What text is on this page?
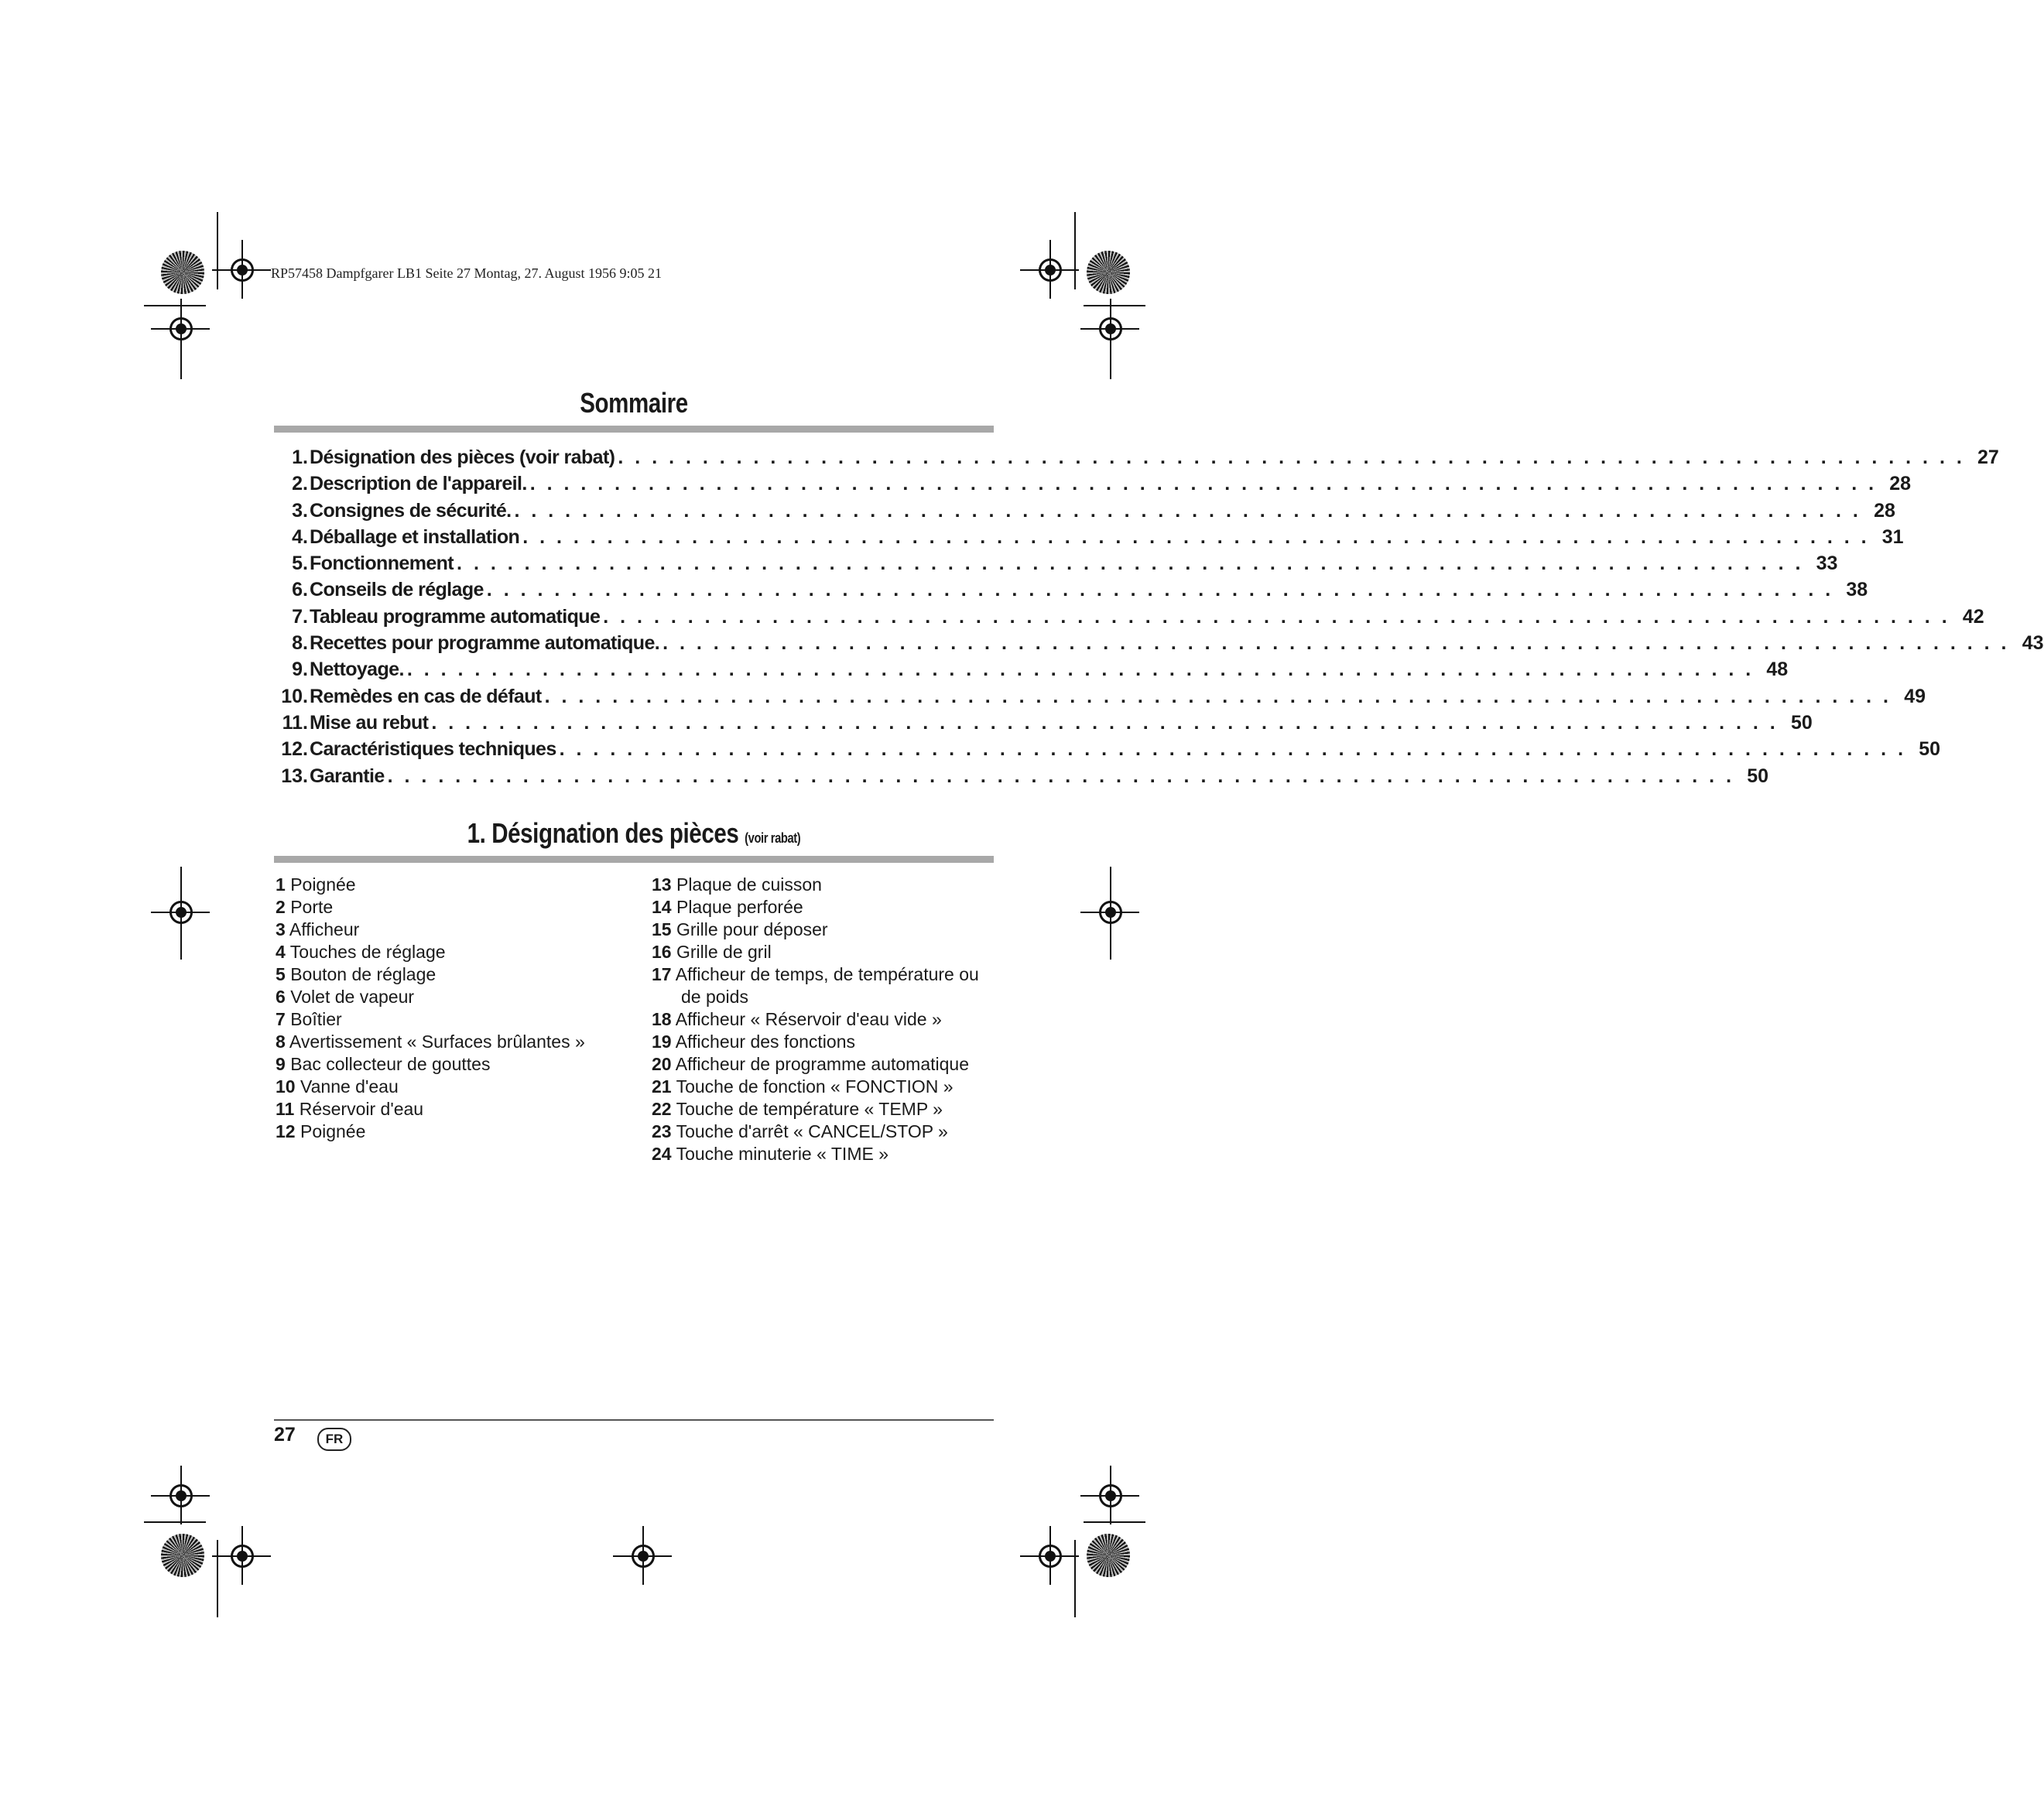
RP57458 Dampfgarer LB1 Seite 27 Montag, 27. August 1956 9:05 21
Sommaire
1. Désignation des pièces (voir rabat) . . . . . . . . . . . . . . . . . . . . . . . . . . . . . . . . . . . . . . . . . . . . . . . . . . . . . . . . . . . . . . . . . . . . . . . . . . . . . . . . 27
2. Description de l'appareil. . . . . . . . . . . . . . . . . . . . . . . . . . . . . . . . . . . . . . . . . . . . . . . . . . . . . . . . . . . . . . . . . . . . . . . . . . . . . . . . . 28
3. Consignes de sécurité. . . . . . . . . . . . . . . . . . . . . . . . . . . . . . . . . . . . . . . . . . . . . . . . . . . . . . . . . . . . . . . . . . . . . . . . . . . . . . . . . 28
4. Déballage et installation . . . . . . . . . . . . . . . . . . . . . . . . . . . . . . . . . . . . . . . . . . . . . . . . . . . . . . . . . . . . . . . . . . . . . . . . . . . . . . . . 31
5. Fonctionnement . . . . . . . . . . . . . . . . . . . . . . . . . . . . . . . . . . . . . . . . . . . . . . . . . . . . . . . . . . . . . . . . . . . . . . . . . . . . . . . . 33
6. Conseils de réglage . . . . . . . . . . . . . . . . . . . . . . . . . . . . . . . . . . . . . . . . . . . . . . . . . . . . . . . . . . . . . . . . . . . . . . . . . . . . . . . . 38
7. Tableau programme automatique . . . . . . . . . . . . . . . . . . . . . . . . . . . . . . . . . . . . . . . . . . . . . . . . . . . . . . . . . . . . . . . . . . . . . . . . . . . . . . . . 42
8. Recettes pour programme automatique. . . . . . . . . . . . . . . . . . . . . . . . . . . . . . . . . . . . . . . . . . . . . . . . . . . . . . . . . . . . . . . . . . . . . . . . . . . . . . . . . 43
9. Nettoyage. . . . . . . . . . . . . . . . . . . . . . . . . . . . . . . . . . . . . . . . . . . . . . . . . . . . . . . . . . . . . . . . . . . . . . . . . . . . . . . . . 48
10. Remèdes en cas de défaut . . . . . . . . . . . . . . . . . . . . . . . . . . . . . . . . . . . . . . . . . . . . . . . . . . . . . . . . . . . . . . . . . . . . . . . . . . . . . . . . 49
11. Mise au rebut . . . . . . . . . . . . . . . . . . . . . . . . . . . . . . . . . . . . . . . . . . . . . . . . . . . . . . . . . . . . . . . . . . . . . . . . . . . . . . . . 50
12. Caractéristiques techniques . . . . . . . . . . . . . . . . . . . . . . . . . . . . . . . . . . . . . . . . . . . . . . . . . . . . . . . . . . . . . . . . . . . . . . . . . . . . . . . . 50
13. Garantie . . . . . . . . . . . . . . . . . . . . . . . . . . . . . . . . . . . . . . . . . . . . . . . . . . . . . . . . . . . . . . . . . . . . . . . . . . . . . . . . 50
1. Désignation des pièces (voir rabat)
1 Poignée
2 Porte
3 Afficheur
4 Touches de réglage
5 Bouton de réglage
6 Volet de vapeur
7 Boîtier
8 Avertissement « Surfaces brûlantes »
9 Bac collecteur de gouttes
10 Vanne d'eau
11 Réservoir d'eau
12 Poignée
13 Plaque de cuisson
14 Plaque perforée
15 Grille pour déposer
16 Grille de gril
17 Afficheur de temps, de température ou
de poids
18 Afficheur « Réservoir d'eau vide »
19 Afficheur des fonctions
20 Afficheur de programme automatique
21 Touche de fonction « FONCTION »
22 Touche de température « TEMP »
23 Touche d'arrêt « CANCEL/STOP »
24 Touche minuterie « TIME »
27	FR
